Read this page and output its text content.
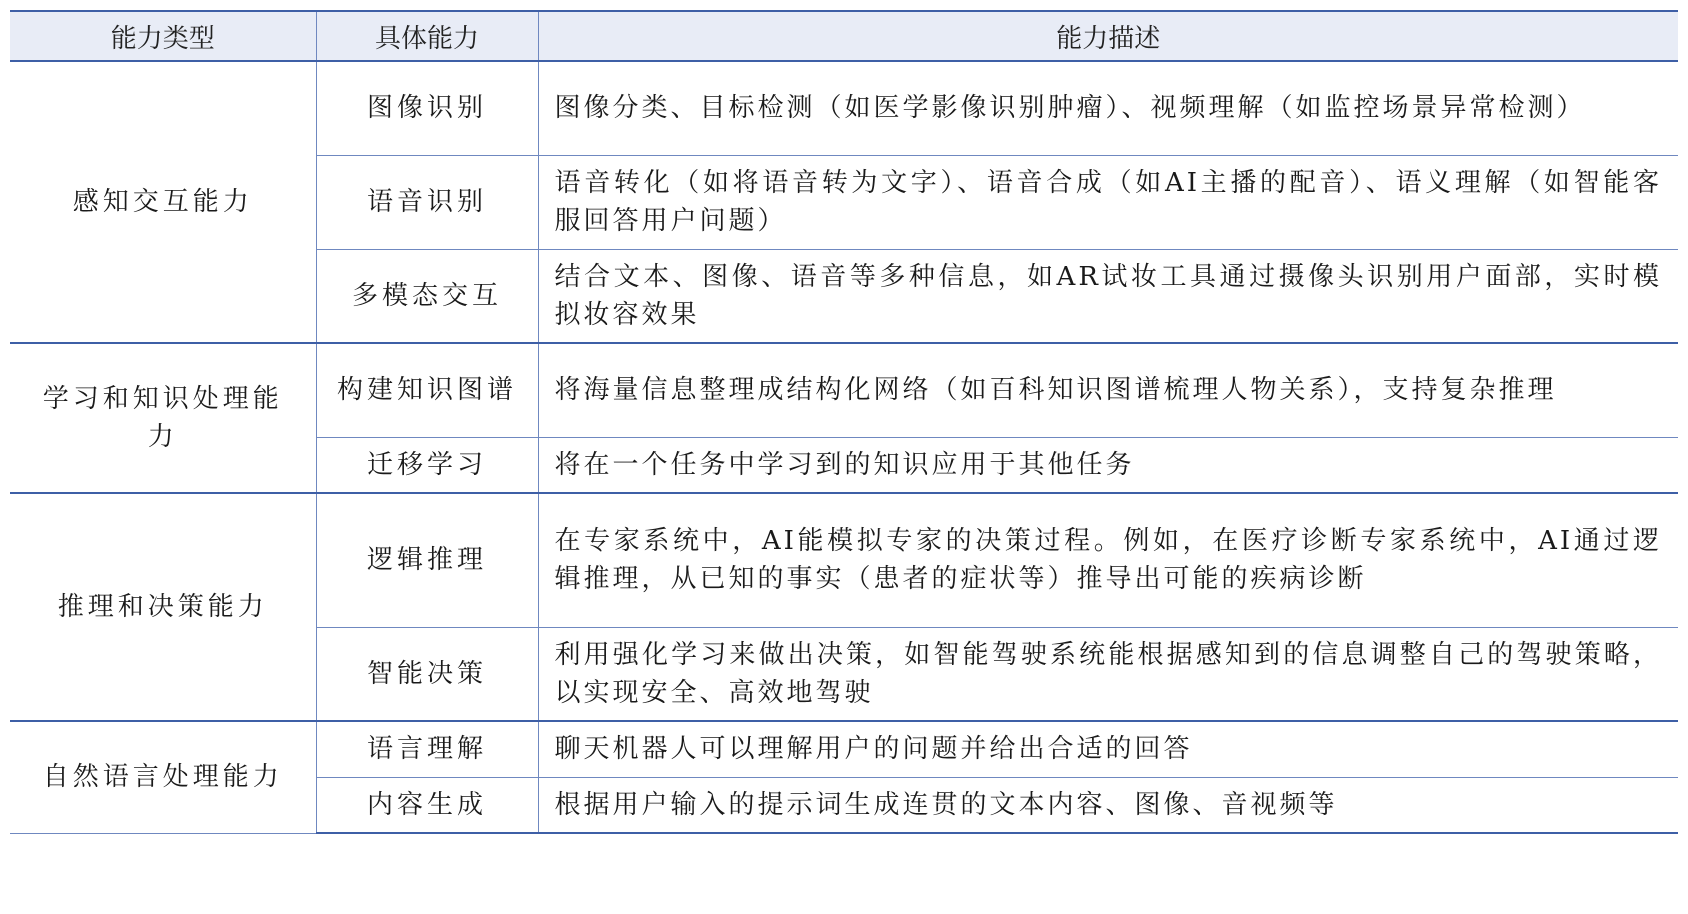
能力类型	具体能力	能力描述
感知交互能力	图像识别	图像分类、目标检测（如医学影像识别肿瘤）、视频理解（如监控场景异常检测）
	语音识别	语音转化（如将语音转为文字）、语音合成（如AI主播的配音）、语义理解（如智能客服回答用户问题）
	多模态交互	结合文本、图像、语音等多种信息，如AR试妆工具通过摄像头识别用户面部，实时模拟妆容效果
学习和知识处理能力	构建知识图谱	将海量信息整理成结构化网络（如百科知识图谱梳理人物关系），支持复杂推理
	迁移学习	将在一个任务中学习到的知识应用于其他任务
推理和决策能力	逻辑推理	在专家系统中，AI能模拟专家的决策过程。例如，在医疗诊断专家系统中，AI通过逻辑推理，从已知的事实（患者的症状等）推导出可能的疾病诊断
	智能决策	利用强化学习来做出决策，如智能驾驶系统能根据感知到的信息调整自己的驾驶策略，以实现安全、高效地驾驶
自然语言处理能力	语言理解	聊天机器人可以理解用户的问题并给出合适的回答
	内容生成	根据用户输入的提示词生成连贯的文本内容、图像、音视频等
